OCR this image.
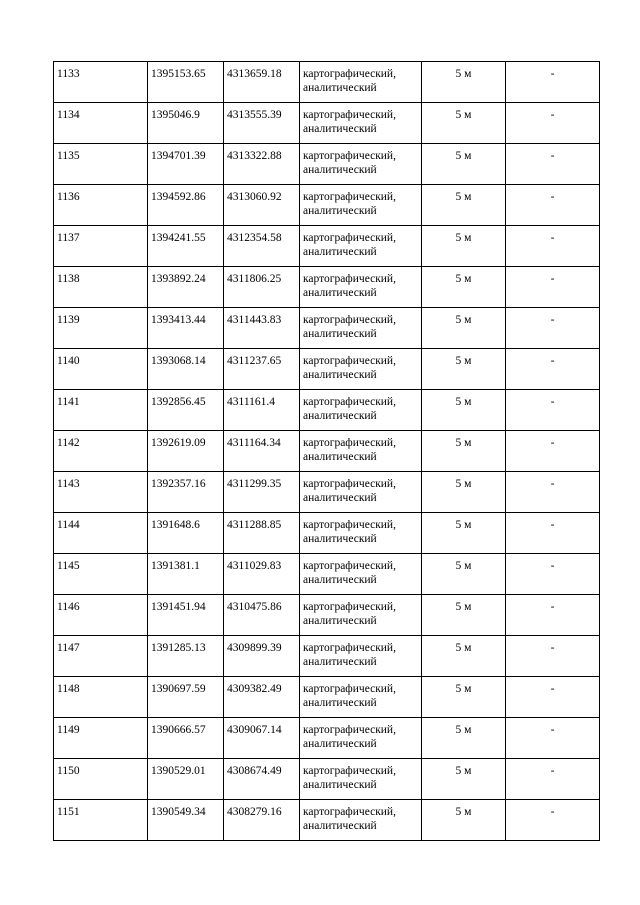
1133	1395153.65	4313659.18	картографический,
аналитический	5 м	-
1134	1395046.9	4313555.39	картографический,
аналитический	5 м	-
1135	1394701.39	4313322.88	картографический,
аналитический	5 м	-
1136	1394592.86	4313060.92	картографический,
аналитический	5 м	-
1137	1394241.55	4312354.58	картографический,
аналитический	5 м	-
1138	1393892.24	4311806.25	картографический,
аналитический	5 м	-
1139	1393413.44	4311443.83	картографический,
аналитический	5 м	-
1140	1393068.14	4311237.65	картографический,
аналитический	5 м	-
1141	1392856.45	4311161.4	картографический,
аналитический	5 м	-
1142	1392619.09	4311164.34	картографический,
аналитический	5 м	-
1143	1392357.16	4311299.35	картографический,
аналитический	5 м	-
1144	1391648.6	4311288.85	картографический,
аналитический	5 м	-
1145	1391381.1	4311029.83	картографический,
аналитический	5 м	-
1146	1391451.94	4310475.86	картографический,
аналитический	5 м	-
1147	1391285.13	4309899.39	картографический,
аналитический	5 м	-
1148	1390697.59	4309382.49	картографический,
аналитический	5 м	-
1149	1390666.57	4309067.14	картографический,
аналитический	5 м	-
1150	1390529.01	4308674.49	картографический,
аналитический	5 м	-
1151	1390549.34	4308279.16	картографический,
аналитический	5 м	-
